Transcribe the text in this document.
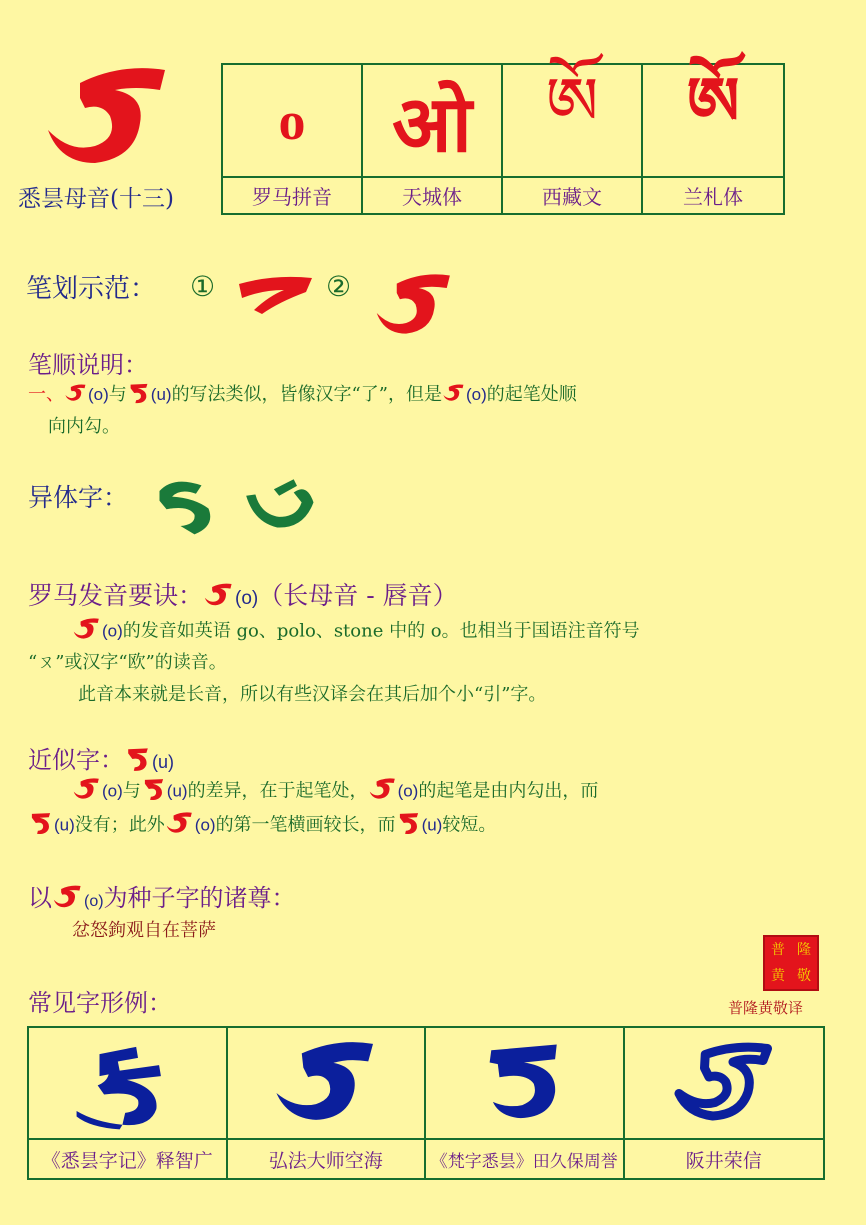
悉昙母音(十三)
o ओ ཨོ ཨོ
罗马拼音	天城体	西藏文	兰札体
笔划示范： ①	②
笔顺说明：
一、 (o)与 (u)的写法类似，皆像汉字“了”，但是 (o)的起笔处顺
向内勾。
异体字：
罗马发音要诀： (o)（长母音 - 唇音）
(o)的发音如英语 go、polo、stone 中的 o。也相当于国语注音符号
“ㄡ”或汉字“欧”的读音。
此音本来就是长音，所以有些汉译会在其后加个小“引”字。
近似字： (u)
(o)与 (u)的差异，在于起笔处， (o)的起笔是由内勾出，而
(u)没有；此外 (o)的第一笔横画较长，而 (u)较短。
以 (o)为种子字的诸尊：
忿怒鉤观自在菩萨
普 隆
黄 敬
普隆黄敬译
常见字形例：
《悉昙字记》释智广	弘法大师空海	《梵字悉昙》田久保周誉	阪井荣信
